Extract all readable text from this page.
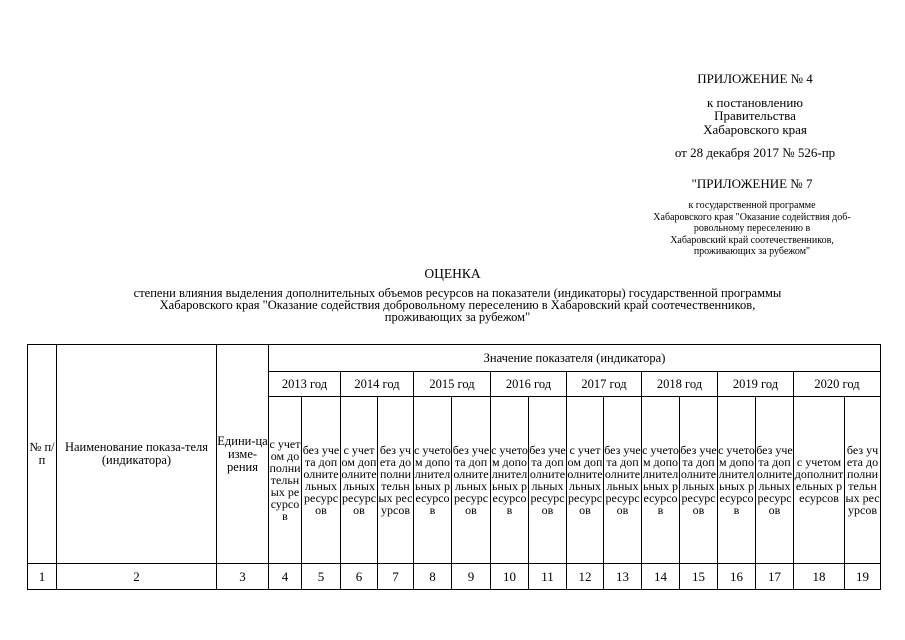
ПРИЛОЖЕНИЕ № 4
к постановлению
Правительства
Хабаровского края
от 28 декабря 2017 № 526-пр
"ПРИЛОЖЕНИЕ № 7
к государственной программе
Хабаровского края "Оказание содействия доб-
ровольному переселению в
Хабаровский край соотечественников,
проживающих за рубежом"
ОЦЕНКА
степени влияния выделения дополнительных объемов ресурсов на показатели (индикаторы) государственной программы
Хабаровского края "Оказание содействия добровольному переселению в Хабаровский край соотечественников,
проживающих за рубежом"
№ п/п	Наименование показа-теля (индикатора)	Едини-ца изме-рения	Значение показателя (индикатора)															
			2013 год		2014 год		2015 год		2016 год		2017 год		2018 год		2019 год		2020 год	
			с учетом дополнительных ресурсов	без учета дополнительных ресурсов	с учетом дополнительных ресурсов	без учета дополнительных ресурсов	с учетом дополнительных ресурсов	без учета дополнительных ресурсов	с учетом дополнительных ресурсов	без учета дополнительных ресурсов	с учетом дополнительных ресурсов	без учета дополнительных ресурсов	с учетом дополнительных ресурсов	без учета дополнительных ресурсов	с учетом дополнительных ресурсов	без учета дополнительных ресурсов	с учетом дополнительных ресурсов	без учета дополнительных ресурсов
1	2	3	4	5	6	7	8	9	10	11	12	13	14	15	16	17	18	19
